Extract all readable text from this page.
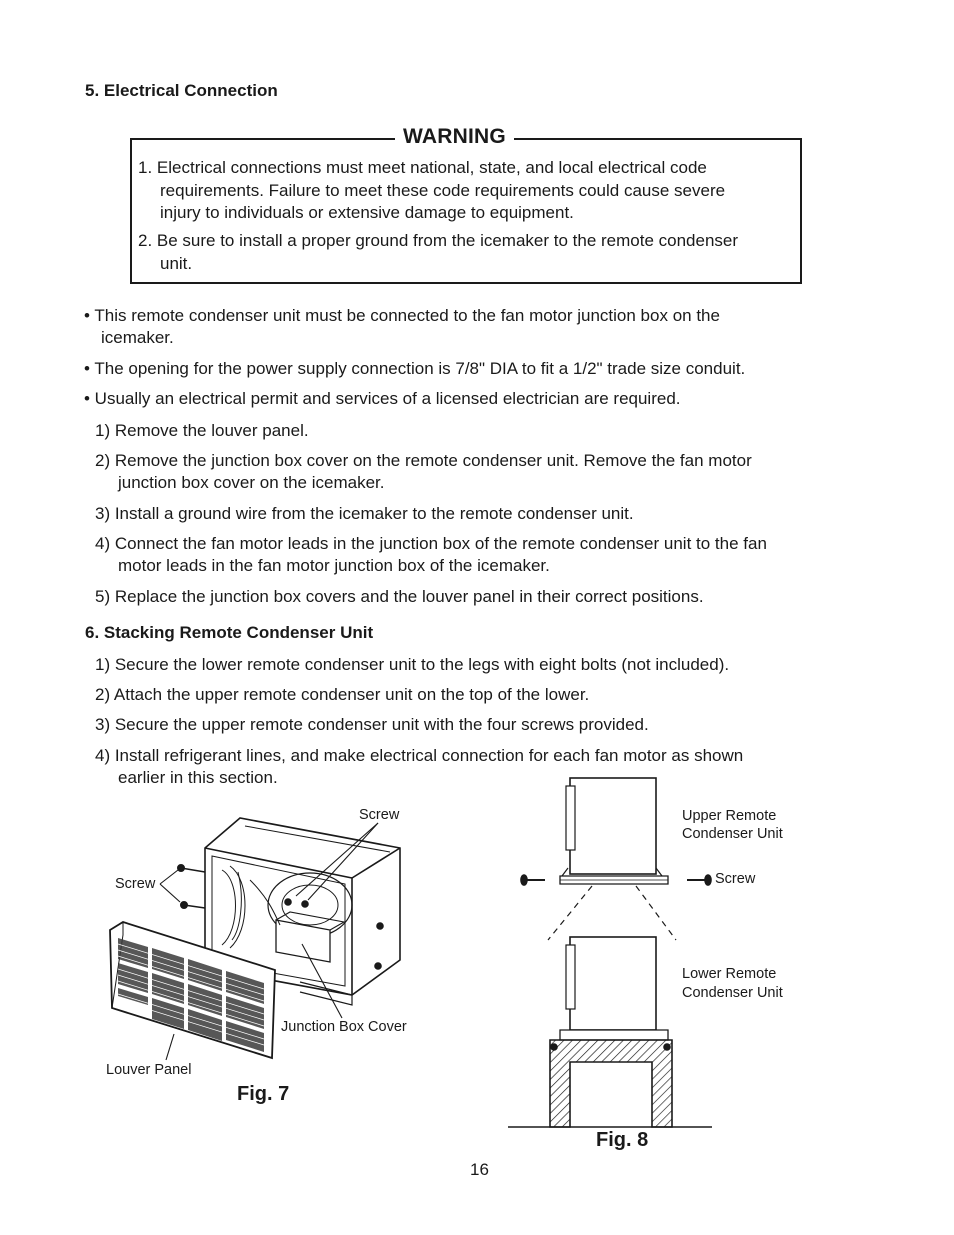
5. Electrical Connection
WARNING
1. Electrical connections must meet national, state, and local electrical code
requirements. Failure to meet these code requirements could cause severe
injury to individuals or extensive damage to equipment.
2. Be sure to install a proper ground from the icemaker to the remote condenser
unit.
• This remote condenser unit must be connected to the fan motor junction box on the
icemaker.
• The opening for the power supply connection is 7/8" DIA to fit a 1/2" trade size conduit.
• Usually an electrical permit and services of a licensed electrician are required.
1) Remove the louver panel.
2) Remove the junction box cover on the remote condenser unit. Remove the fan motor
junction box cover on the icemaker.
3) Install a ground wire from the icemaker to the remote condenser unit.
4) Connect the fan motor leads in the junction box of the remote condenser unit to the fan
motor leads in the fan motor junction box of the icemaker.
5) Replace the junction box covers and the louver panel in their correct positions.
6. Stacking Remote Condenser Unit
1) Secure the lower remote condenser unit to the legs with eight bolts (not included).
2) Attach the upper remote condenser unit on the top of the lower.
3) Secure the upper remote condenser unit with the four screws provided.
4) Install refrigerant lines, and make electrical connection for each fan motor as shown
earlier in this section.
Screw
Screw
Junction Box Cover
Louver Panel
Fig. 7
Upper Remote
Condenser Unit
Screw
Lower Remote
Condenser Unit
Fig. 8
16
